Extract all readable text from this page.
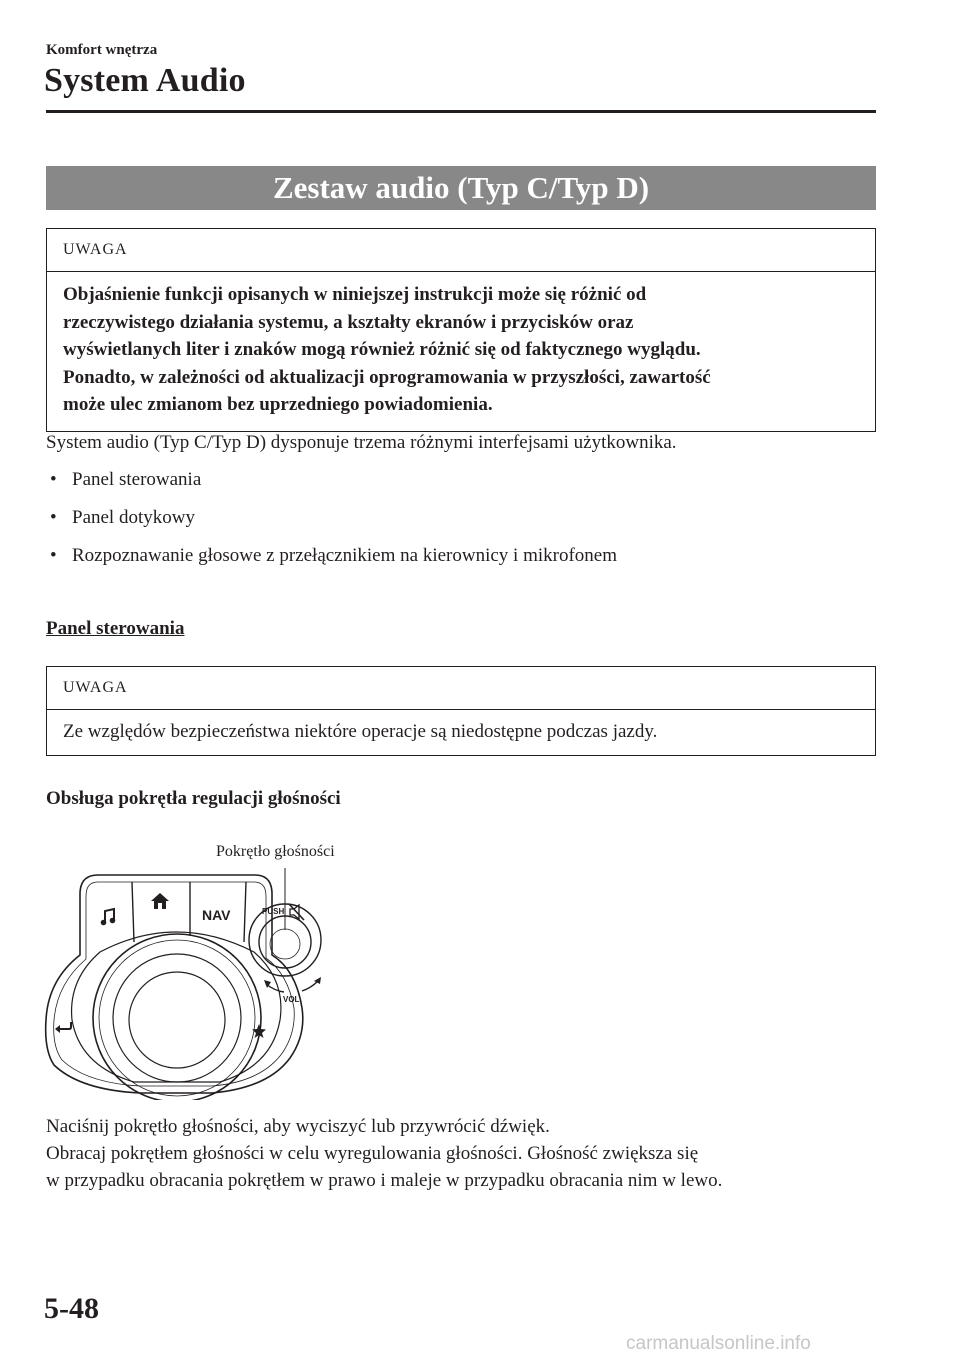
Komfort wnętrza
System Audio
Zestaw audio (Typ C/Typ D)
UWAGA
Objaśnienie funkcji opisanych w niniejszej instrukcji może się różnić od
rzeczywistego działania systemu, a kształty ekranów i przycisków oraz
wyświetlanych liter i znaków mogą również różnić się od faktycznego wyglądu.
Ponadto, w zależności od aktualizacji oprogramowania w przyszłości, zawartość
może ulec zmianom bez uprzedniego powiadomienia.
System audio (Typ C/Typ D) dysponuje trzema różnymi interfejsami użytkownika.
• Panel sterowania
• Panel dotykowy
• Rozpoznawanie głosowe z przełącznikiem na kierownicy i mikrofonem
Panel sterowania
UWAGA
Ze względów bezpieczeństwa niektóre operacje są niedostępne podczas jazdy.
Obsługa pokrętła regulacji głośności
Pokrętło głośności
NAV	PUSH
VOL
Naciśnij pokrętło głośności, aby wyciszyć lub przywrócić dźwięk.
Obracaj pokrętłem głośności w celu wyregulowania głośności. Głośność zwiększa się
w przypadku obracania pokrętłem w prawo i maleje w przypadku obracania nim w lewo.
5-48
carmanualsonline.info
